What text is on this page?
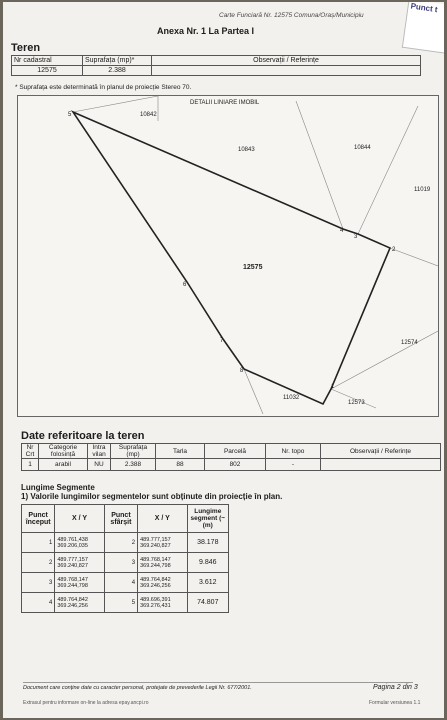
Carte Funciară Nr. 12575 Comuna/Oraș/Municipiu
Anexa Nr. 1 La Partea I
Punct t
Teren
Nr cadastral	Suprafața (mp)*	Observații / Referințe
12575	2.388	
* Suprafața este determinată în planul de proiecție Stereo 70.
DETALII LINIARE IMOBIL
10842
10843	10844
11019
12575
12574
11032
12573
1
2
3
4
5
6
7
8
Date referitoare la teren
Nr Crt	Categorie folosință	Intra vilan	Suprafața (mp)	Tarla	Parcelă	Nr. topo	Observații / Referințe
1	arabil	NU	2.388	88	802	-	
Lungime Segmente
1) Valorile lungimilor segmentelor sunt obținute din proiecție în plan.
Punct început	X / Y	Punct sfârșit	X / Y	Lungime segment (~ (m)
1	489.761,438 369.206,035	2	489.777,157 369.240,827	38.178
2	489.777,157 369.240,827	3	489.768,147 369.244,798	9.846
3	489.768,147 369.244,798	4	489.764,842 369.246,256	3.612
4	489.764,842 369.246,256	5	489.696,391 369.276,431	74.807
Document care conține date cu caracter personal, protejate de prevederile Legii Nr. 677/2001.	Pagina 2 din 3
Extrasul pentru informare on-line la adresa epay.ancpi.ro	Formular versiunea 1.1
